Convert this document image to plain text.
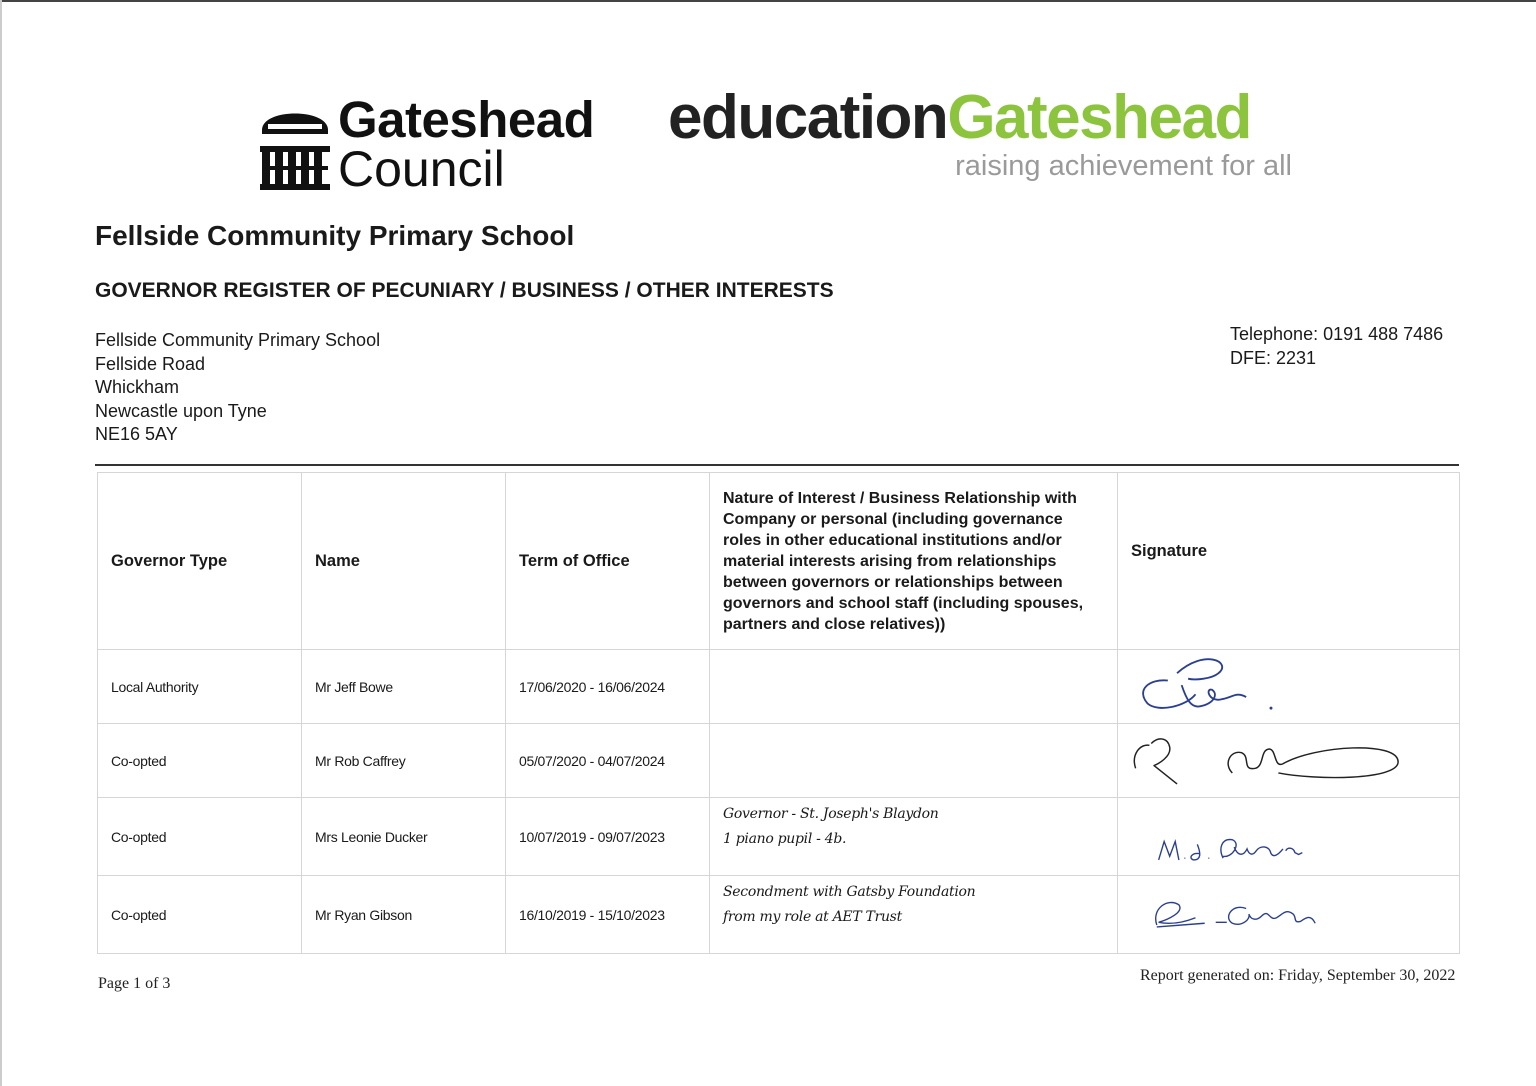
Gateshead
Council
educationGateshead
raising achievement for all
Fellside Community Primary School
GOVERNOR REGISTER OF PECUNIARY / BUSINESS / OTHER INTERESTS
Fellside Community Primary School
Fellside Road
Whickham
Newcastle upon Tyne
NE16 5AY
Telephone: 0191 488 7486
DFE: 2231
Governor Type	Name	Term of Office	Nature of Interest / Business Relationship with Company or personal (including governance roles in other educational institutions and/or material interests arising from relationships between governors or relationships between governors and school staff (including spouses, partners and close relatives))	Signature
Local Authority	Mr Jeff Bowe	17/06/2020 - 16/06/2024	

Co-opted	Mr Rob Caffrey	05/07/2020 - 04/07/2024	

Co-opted	Mrs Leonie Ducker	10/07/2019 - 09/07/2023	Governor - St. Joseph's Blaydon
1 piano pupil - 4b.

Co-opted	Mr Ryan Gibson	16/10/2019 - 15/10/2023	Secondment with Gatsby Foundation
from my role at AET Trust

Page 1 of 3	Report generated on: Friday, September 30, 2022
